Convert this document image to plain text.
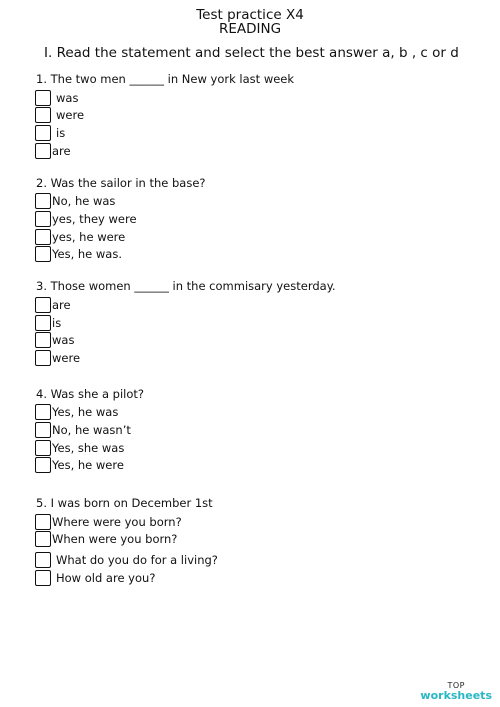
Test practice X4
READING
I. Read the statement and select the best answer a, b , c or d
1. The two men ______ in New york last week
was
were
is
are
2. Was the sailor in the base?
No, he was
yes, they were
yes, he were
Yes, he was.
3. Those women ______ in the commisary yesterday.
are
is
was
were
4. Was she a pilot?
Yes, he was
No, he wasn’t
Yes, she was
Yes, he were
5. I was born on December 1st
Where were you born?
When were you born?
What do you do for a living?
How old are you?
TOP
worksheets
